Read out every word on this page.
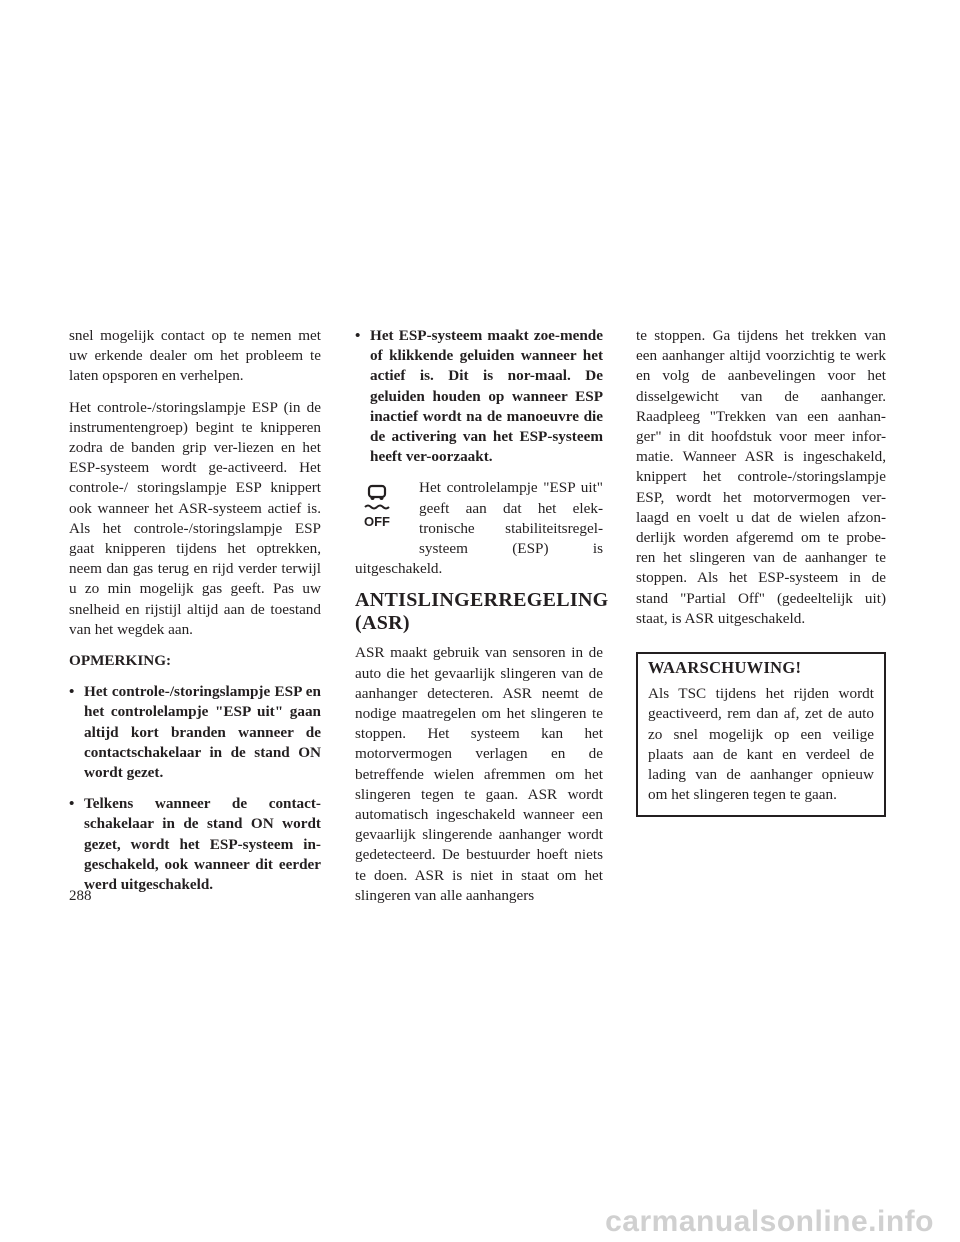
snel mogelijk contact op te nemen met uw erkende dealer om het probleem te laten opsporen en verhelpen.

Het controle-/storingslampje ESP (in de instrumentengroep) begint te knipperen zodra de banden grip ver-liezen en het ESP-systeem wordt ge-activeerd. Het controle-/ storingslampje ESP knippert ook wanneer het ASR-systeem actief is. Als het controle-/storingslampje ESP gaat knipperen tijdens het optrekken, neem dan gas terug en rijd verder terwijl u zo min mogelijk gas geeft. Pas uw snelheid en rijstijl altijd aan de toestand van het wegdek aan.

OPMERKING:

• Het controle-/storingslampje ESP en het controlelampje "ESP uit" gaan altijd kort branden wanneer de contactschakelaar in de stand ON wordt gezet.
• Telkens wanneer de contact-schakelaar in de stand ON wordt gezet, wordt het ESP-systeem in-geschakeld, ook wanneer dit eerder werd uitgeschakeld.
• Het ESP-systeem maakt zoe-mende of klikkende geluiden wanneer het actief is. Dit is nor-maal. De geluiden houden op wanneer ESP inactief wordt na de manoeuvre die de activering van het ESP-systeem heeft ver-oorzaakt.
OFF
Het controlelampje "ESP uit" geeft aan dat het elek-tronische stabiliteitsregel-systeem (ESP) is uitgeschakeld.
ANTISLINGERREGELING (ASR)

ASR maakt gebruik van sensoren in de auto die het gevaarlijk slingeren van de aanhanger detecteren. ASR neemt de nodige maatregelen om het slingeren te stoppen. Het systeem kan het motorvermogen verlagen en de betreffende wielen afremmen om het slingeren tegen te gaan. ASR wordt automatisch ingeschakeld wanneer een gevaarlijk slingerende aanhanger wordt gedetecteerd. De bestuurder hoeft niets te doen. ASR is niet in staat om het slingeren van alle aanhangers

te stoppen. Ga tijdens het trekken van een aanhanger altijd voorzichtig te werk en volg de aanbevelingen voor het disselgewicht van de aanhanger. Raadpleeg "Trekken van een aanhan-ger" in dit hoofdstuk voor meer infor-matie. Wanneer ASR is ingeschakeld, knippert het controle-/storingslampje ESP, wordt het motorvermogen ver-laagd en voelt u dat de wielen afzon-derlijk worden afgeremd om te probe-ren het slingeren van de aanhanger te stoppen. Als het ESP-systeem in de stand "Partial Off" (gedeeltelijk uit) staat, is ASR uitgeschakeld.

WAARSCHUWING!

Als TSC tijdens het rijden wordt geactiveerd, rem dan af, zet de auto zo snel mogelijk op een veilige plaats aan de kant en verdeel de lading van de aanhanger opnieuw om het slingeren tegen te gaan.

288
carmanualsonline.info
